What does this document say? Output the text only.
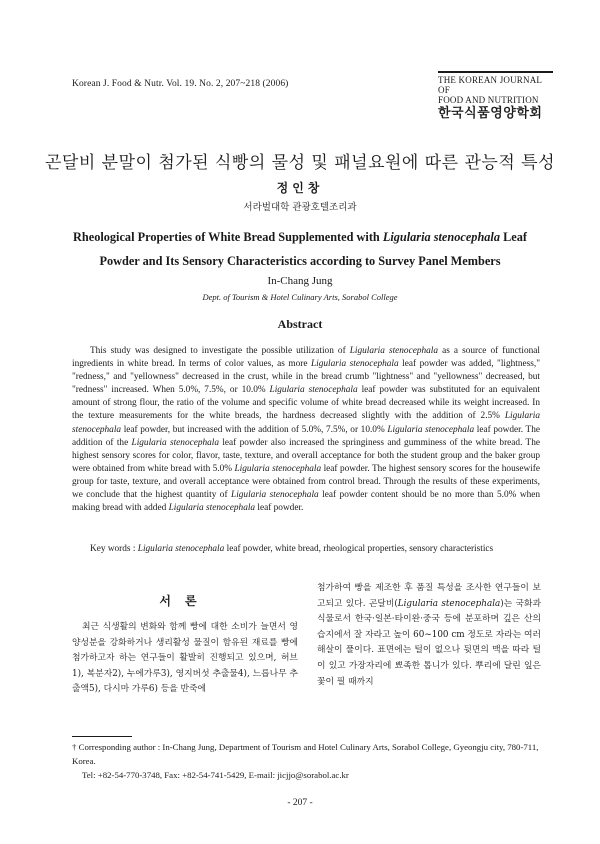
Korean J. Food & Nutr. Vol. 19. No. 2, 207~218 (2006)	THE KOREAN JOURNAL OF
FOOD AND NUTRITION
한국식품영양학회
곤달비 분말이 첨가된 식빵의 물성 및 패널요원에 따른 관능적 특성
정인창
서라벌대학 관광호텔조리과
Rheological Properties of White Bread Supplemented with Ligularia stenocephala Leaf
Powder and Its Sensory Characteristics according to Survey Panel Members
In-Chang Jung
Dept. of Tourism & Hotel Culinary Arts, Sorabol College
Abstract

This study was designed to investigate the possible utilization of Ligularia stenocephala as a source of functional ingredients in white bread. In terms of color values, as more Ligularia stenocephala leaf powder was added, "lightness," "redness," and "yellowness" decreased in the crust, while in the bread crumb "lightness" and "yellowness" decreased, but "redness" increased. When 5.0%, 7.5%, or 10.0% Ligularia stenocephala leaf powder was substituted for an equivalent amount of strong flour, the ratio of the volume and specific volume of white bread decreased while its weight increased. In the texture measurements for the white breads, the hardness decreased slightly with the addition of 2.5% Ligularia stenocephala leaf powder, but increased with the addition of 5.0%, 7.5%, or 10.0% Ligularia stenocephala leaf powder. The addition of the Ligularia stenocephala leaf powder also increased the springiness and gumminess of the white bread. The highest sensory scores for color, flavor, taste, texture, and overall acceptance for both the student group and the baker group were obtained from white bread with 5.0% Ligularia stenocephala leaf powder. The highest sensory scores for the housewife group for taste, texture, and overall acceptance were obtained from control bread. Through the results of these experiments, we conclude that the highest quantity of Ligularia stenocephala leaf powder content should be no more than 5.0% when making bread with added Ligularia stenocephala leaf powder.

Key words : Ligularia stenocephala leaf powder, white bread, rheological properties, sensory characteristics
서론

최근 식생활의 변화와 함께 빵에 대한 소비가 늘면서 영양성분을 강화하거나 생리활성 물질이 함유된 재료를 빵에 첨가하고자 하는 연구들이 활발히 진행되고 있으며, 허브1), 복분자2), 누에가루3), 영지버섯 추출물4), 느릅나무 추출액5), 다시마 가루6) 등을 반죽에

첨가하여 빵을 제조한 후 품질 특성을 조사한 연구들이 보고되고 있다. 곤달비(Ligularia stenocephala)는 국화과 식물로서 한국·일본·타이완·중국 등에 분포하며 깊은 산의 습지에서 잘 자라고 높이 60~100 cm 정도로 자라는 여러해살이 풀이다. 표면에는 털이 없으나 뒷면의 맥을 따라 털이 있고 가장자리에 뾰족한 톱니가 있다. 뿌리에 달린 잎은 꽃이 필 때까지

† Corresponding author : In-Chang Jung, Department of Tourism and Hotel Culinary Arts, Sorabol College, Gyeongju city, 780-711, Korea.
Tel: +82-54-770-3748, Fax: +82-54-741-5429, E-mail: jicjjo@sorabol.ac.kr
- 207 -
